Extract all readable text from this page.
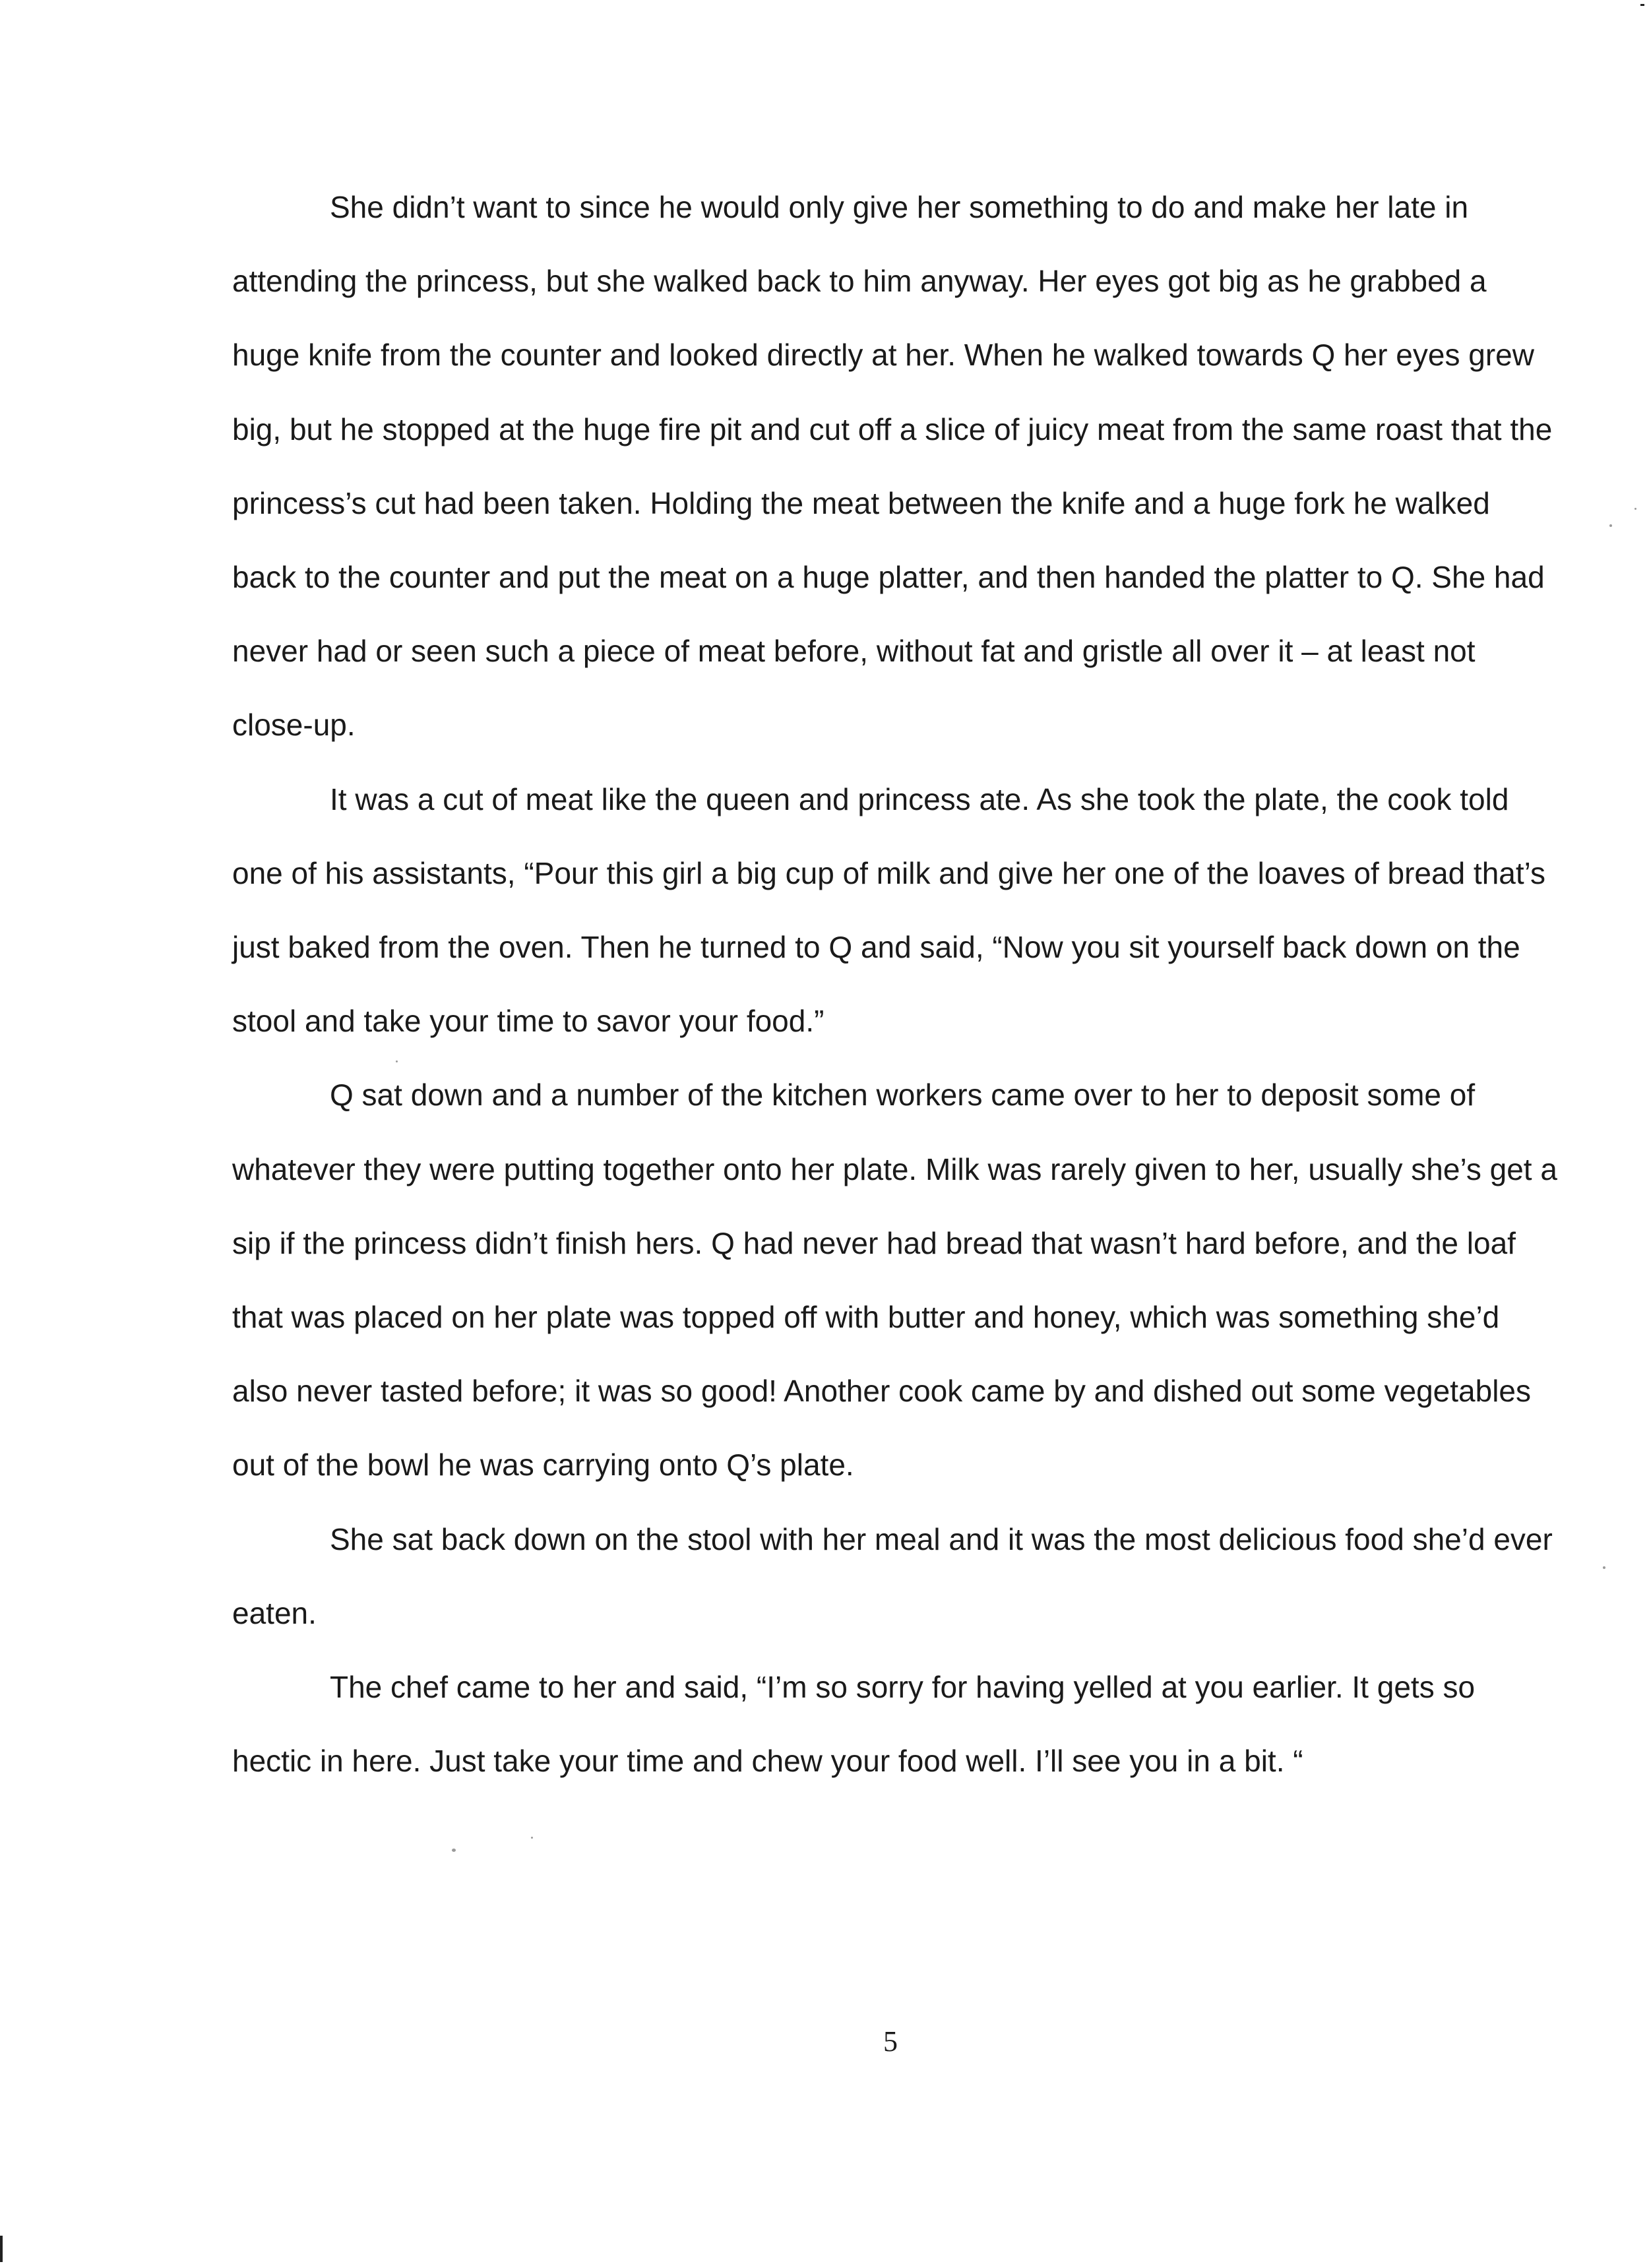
She didn’t want to since he would only give her something to do and make her late in attending the princess, but she walked back to him anyway. Her eyes got big as he grabbed a huge knife from the counter and looked directly at her. When he walked towards Q her eyes grew big, but he stopped at the huge fire pit and cut off a slice of juicy meat from the same roast that the princess’s cut had been taken. Holding the meat between the knife and a huge fork he walked back to the counter and put the meat on a huge platter, and then handed the platter to Q. She had never had or seen such a piece of meat before, without fat and gristle all over it – at least not close-up.

It was a cut of meat like the queen and princess ate. As she took the plate, the cook told one of his assistants, “Pour this girl a big cup of milk and give her one of the loaves of bread that’s just baked from the oven. Then he turned to Q and said, “Now you sit yourself back down on the stool and take your time to savor your food.”

Q sat down and a number of the kitchen workers came over to her to deposit some of whatever they were putting together onto her plate. Milk was rarely given to her, usually she’s get a sip if the princess didn’t finish hers. Q had never had bread that wasn’t hard before, and the loaf that was placed on her plate was topped off with butter and honey, which was something she’d also never tasted before; it was so good! Another cook came by and dished out some vegetables out of the bowl he was carrying onto Q’s plate.

She sat back down on the stool with her meal and it was the most delicious food she’d ever eaten.

The chef came to her and said, “I’m so sorry for having yelled at you earlier. It gets so hectic in here. Just take your time and chew your food well. I’ll see you in a bit. “

5
